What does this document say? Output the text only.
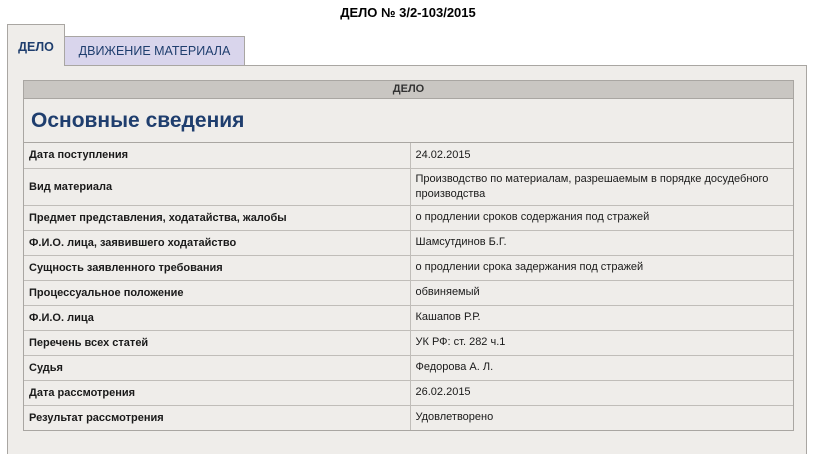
ДЕЛО № 3/2-103/2015
ДЕЛО	ДВИЖЕНИЕ МАТЕРИАЛА
ДЕЛО
Основные сведения
Дата поступления	24.02.2015
Вид материала	Производство по материалам, разрешаемым в порядке досудебного производства
Предмет представления, ходатайства, жалобы	о продлении сроков содержания под стражей
Ф.И.О. лица, заявившего ходатайство	Шамсутдинов Б.Г.
Сущность заявленного требования	о продлении срока задержания под стражей
Процессуальное положение	обвиняемый
Ф.И.О. лица	Кашапов Р.Р.
Перечень всех статей	УК РФ: ст. 282 ч.1
Судья	Федорова А. Л.
Дата рассмотрения	26.02.2015
Результат рассмотрения	Удовлетворено
